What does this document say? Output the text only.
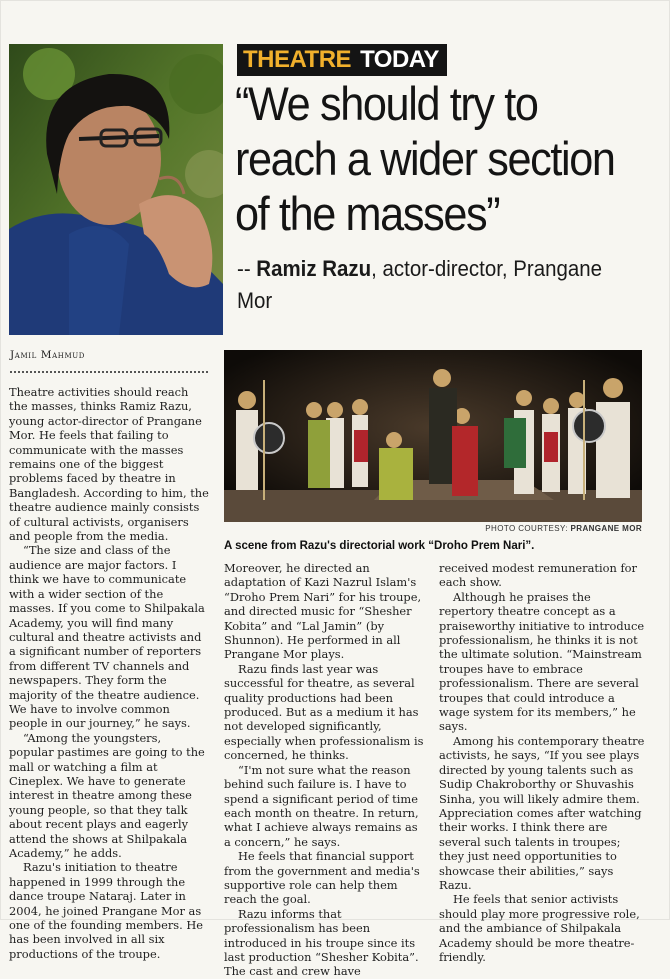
THEATRE TODAY
“We should try to reach a wider section of the masses”
-- Ramiz Razu, actor-director, Prangane Mor
Jamil Mahmud
PHOTO COURTESY: PRANGANE MOR
A scene from Razu's directorial work “Droho Prem Nari”.

Theatre activities should reach the masses, thinks Ramiz Razu, young actor-director of Prangane Mor. He feels that failing to communicate with the masses remains one of the biggest problems faced by theatre in Bangladesh. According to him, the theatre audience mainly consists of cultural activists, organisers and people from the media.

“The size and class of the audience are major factors. I think we have to communicate with a wider section of the masses. If you come to Shilpakala Academy, you will find many cultural and theatre activists and a significant number of reporters from different TV channels and newspapers. They form the majority of the theatre audience. We have to involve common people in our journey,” he says.

“Among the youngsters, popular pastimes are going to the mall or watching a film at Cineplex. We have to generate interest in theatre among these young people, so that they talk about recent plays and eagerly attend the shows at Shilpakala Academy,” he adds.

Razu's initiation to theatre happened in 1999 through the dance troupe Nataraj. Later in 2004, he joined Prangane Mor as one of the founding members. He has been involved in all six productions of the troupe.

Moreover, he directed an adaptation of Kazi Nazrul Islam's “Droho Prem Nari” for his troupe, and directed music for “Shesher Kobita” and “Lal Jamin” (by Shunnon). He performed in all Prangane Mor plays.

Razu finds last year was successful for theatre, as several quality productions had been produced. But as a medium it has not developed significantly, especially when professionalism is concerned, he thinks.

“I'm not sure what the reason behind such failure is. I have to spend a significant period of time each month on theatre. In return, what I achieve always remains as a concern,” he says.

He feels that financial support from the government and media's supportive role can help them reach the goal.

Razu informs that professionalism has been introduced in his troupe since its last production “Shesher Kobita”. The cast and crew have

received modest remuneration for each show.

Although he praises the repertory theatre concept as a praiseworthy initiative to introduce professionalism, he thinks it is not the ultimate solution. “Mainstream troupes have to embrace professionalism. There are several troupes that could introduce a wage system for its members,” he says.

Among his contemporary theatre activists, he says, “If you see plays directed by young talents such as Sudip Chakroborthy or Shuvashis Sinha, you will likely admire them. Appreciation comes after watching their works. I think there are several such talents in troupes; they just need opportunities to showcase their abilities,” says Razu.

He feels that senior activists should play more progressive role, and the ambiance of Shilpakala Academy should be more theatre-friendly.
